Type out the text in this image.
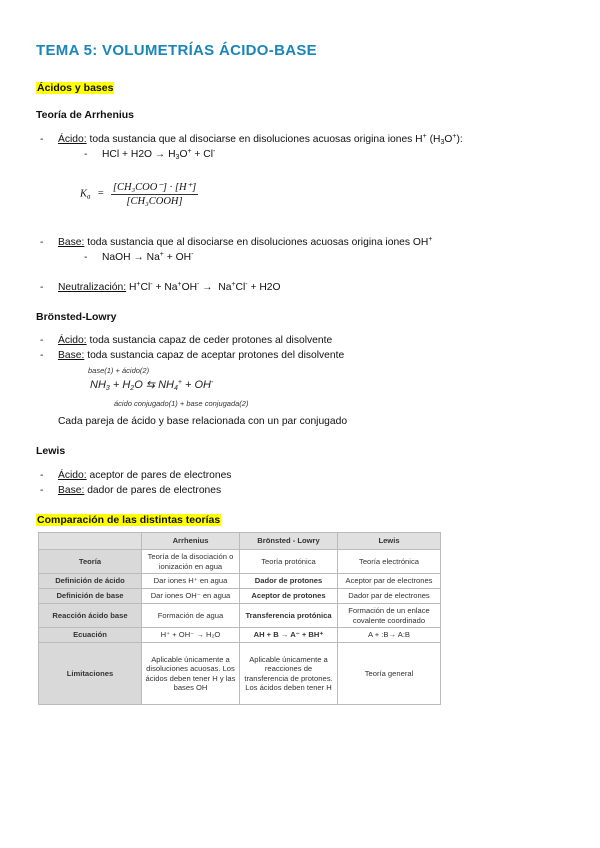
TEMA 5: VOLUMETRÍAS ÁCIDO-BASE
Ácidos y bases
Teoría de Arrhenius
- Ácido: toda sustancia que al disociarse en disoluciones acuosas origina iones H+ $(H_3O^+)$:
- HCl + $H2O \to H_3O^+ + Cl^-$
$K_a = \frac{\text{[CH₃COO⁻] · [H⁺]}}{\text{[CH₃COOH]}}$
- Base: toda sustancia que al disociarse en disoluciones acuosas origina iones OH+
- NaOH → Na+ + OH-
- Neutralización: H+Cl- + Na+OH- →  Na+Cl- + H2O
Brönsted-Lowry
- Ácido: toda sustancia capaz de ceder protones al disolvente
- Base: toda sustancia capaz de aceptar protones del disolvente
base(1) + ácido(2)
$NH_3 + H_2O$ ⇆ $NH_4^+ + OH^-$
ácido conjugado(1) + base conjugada(2)
Cada pareja de ácido y base relacionada con un par conjugado
Lewis
- Ácido: aceptor de pares de electrones
- Base: dador de pares de electrones
Comparación de las distintas teorías
	Arrhenius	Brönsted - Lowry	Lewis
Teoría	Teoría de la disociación o ionización en agua	Teoría protónica	Teoría electrónica
Definición de ácido	Dar iones H⁺ en agua	Dador de protones	Aceptor par de electrones
Definición de base	Dar iones OH⁻ en agua	Aceptor de protones	Dador par de electrones
Reacción ácido base	Formación de agua	Transferencia protónica	Formación de un enlace covalente coordinado
Ecuación	H⁺ + OH⁻ → H₂O	AH + B → A⁻ + BH⁺	A + :B→ A:B
Limitaciones	Aplicable únicamente a disoluciones acuosas. Los ácidos deben tener H y las bases OH	Aplicable únicamente a reacciones de transferencia de protones. Los ácidos deben tener H	Teoría general
